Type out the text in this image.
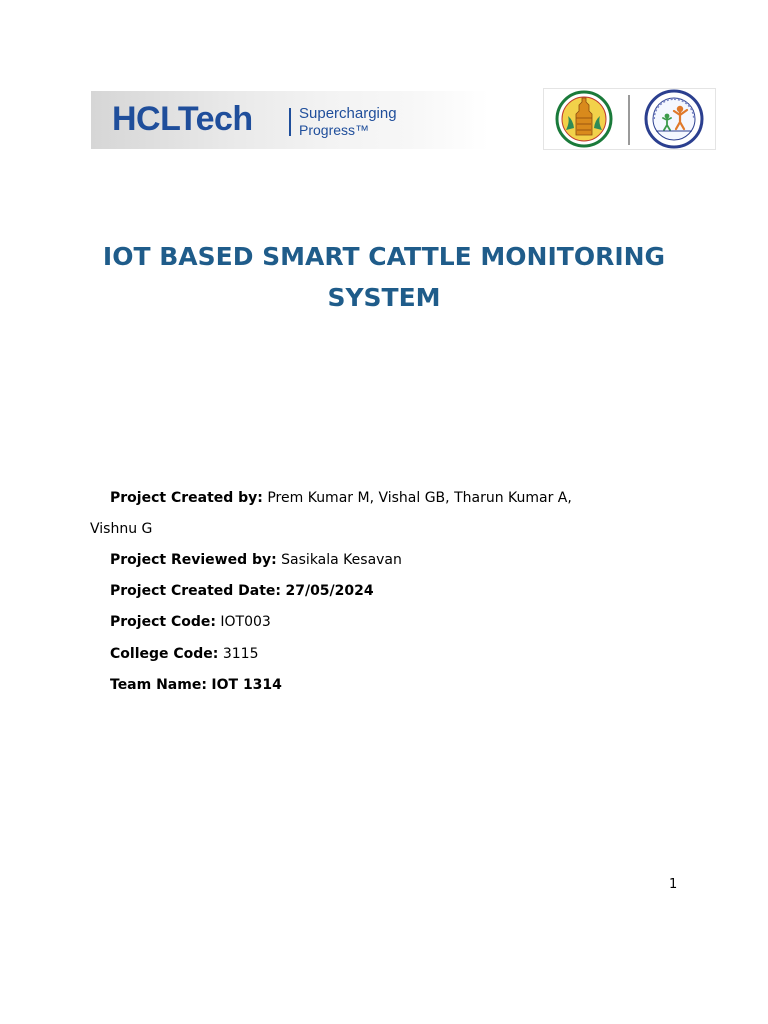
HCLTech	Supercharging
Progress™
IOT BASED SMART CATTLE MONITORING SYSTEM
Project Created by: Prem Kumar M, Vishal GB, Tharun Kumar A,
Vishnu G
Project Reviewed by: Sasikala Kesavan
Project Created Date: 27/05/2024
Project Code: IOT003
College Code: 3115
Team Name: IOT 1314
1
